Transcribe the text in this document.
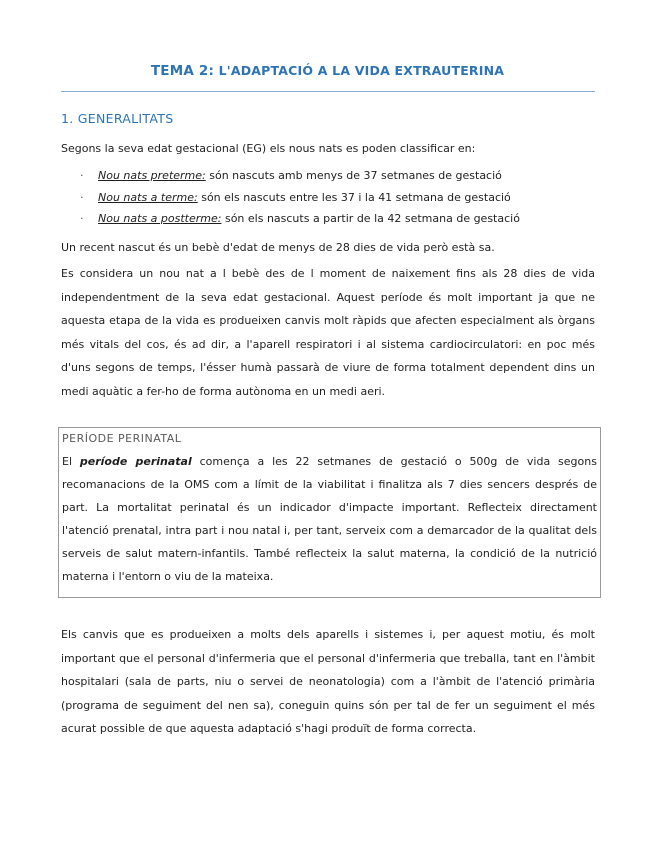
TEMA 2: L'ADAPTACIÓ A LA VIDA EXTRAUTERINA
1. GENERALITATS

Segons la seva edat gestacional (EG) els nous nats es poden classificar en:

· Nou nats preterme: són nascuts amb menys de 37 setmanes de gestació
· Nou nats a terme: són els nascuts entre les 37 i la 41 setmana de gestació
· Nou nats a postterme: són els nascuts a partir de la 42 setmana de gestació

Un recent nascut és un bebè d'edat de menys de 28 dies de vida però està sa.

Es considera un nou nat a l bebè des de l moment de naixement fins als 28 dies de vida independentment de la seva edat gestacional. Aquest període és molt important ja que ne aquesta etapa de la vida es produeixen canvis molt ràpids que afecten especialment als òrgans més vitals del cos, és ad dir, a l'aparell respiratori i al sistema cardiocirculatori: en poc més d'uns segons de temps, l'ésser humà passarà de viure de forma totalment dependent dins un medi aquàtic a fer-ho de forma autònoma en un medi aeri.

PERÍODE PERINATAL

El període perinatal comença a les 22 setmanes de gestació o 500g de vida segons recomanacions de la OMS com a límit de la viabilitat i finalitza als 7 dies sencers després de part. La mortalitat perinatal és un indicador d'impacte important. Reflecteix directament l'atenció prenatal, intra part i nou natal i, per tant, serveix com a demarcador de la qualitat dels serveis de salut matern-infantils. També reflecteix la salut materna, la condició de la nutrició materna i l'entorn o viu de la mateixa.

Els canvis que es produeixen a molts dels aparells i sistemes i, per aquest motiu, és molt important que el personal d'infermeria que el personal d'infermeria que treballa, tant en l'àmbit hospitalari (sala de parts, niu o servei de neonatologia) com a l'àmbit de l'atenció primària (programa de seguiment del nen sa), coneguin quins són per tal de fer un seguiment el més acurat possible de que aquesta adaptació s'hagi produït de forma correcta.
